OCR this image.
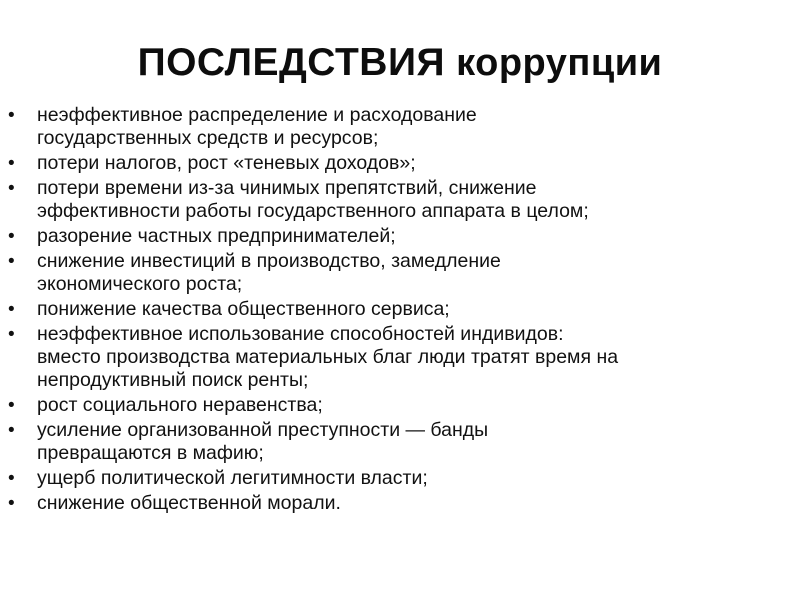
ПОСЛЕДСТВИЯ коррупции
•	неэффективное распределение и расходование
государственных средств и ресурсов;
•	потери налогов, рост «теневых доходов»;
•	потери времени из-за чинимых препятствий, снижение
эффективности работы государственного аппарата в целом;
•	разорение частных предпринимателей;
•	снижение инвестиций в производство, замедление
экономического роста;
•	понижение качества общественного сервиса;
•	неэффективное использование способностей индивидов:
вместо производства материальных благ люди тратят время на
непродуктивный поиск ренты;
•	рост социального неравенства;
•	усиление организованной преступности — банды
превращаются в мафию;
•	ущерб политической легитимности власти;
•	снижение общественной морали.
